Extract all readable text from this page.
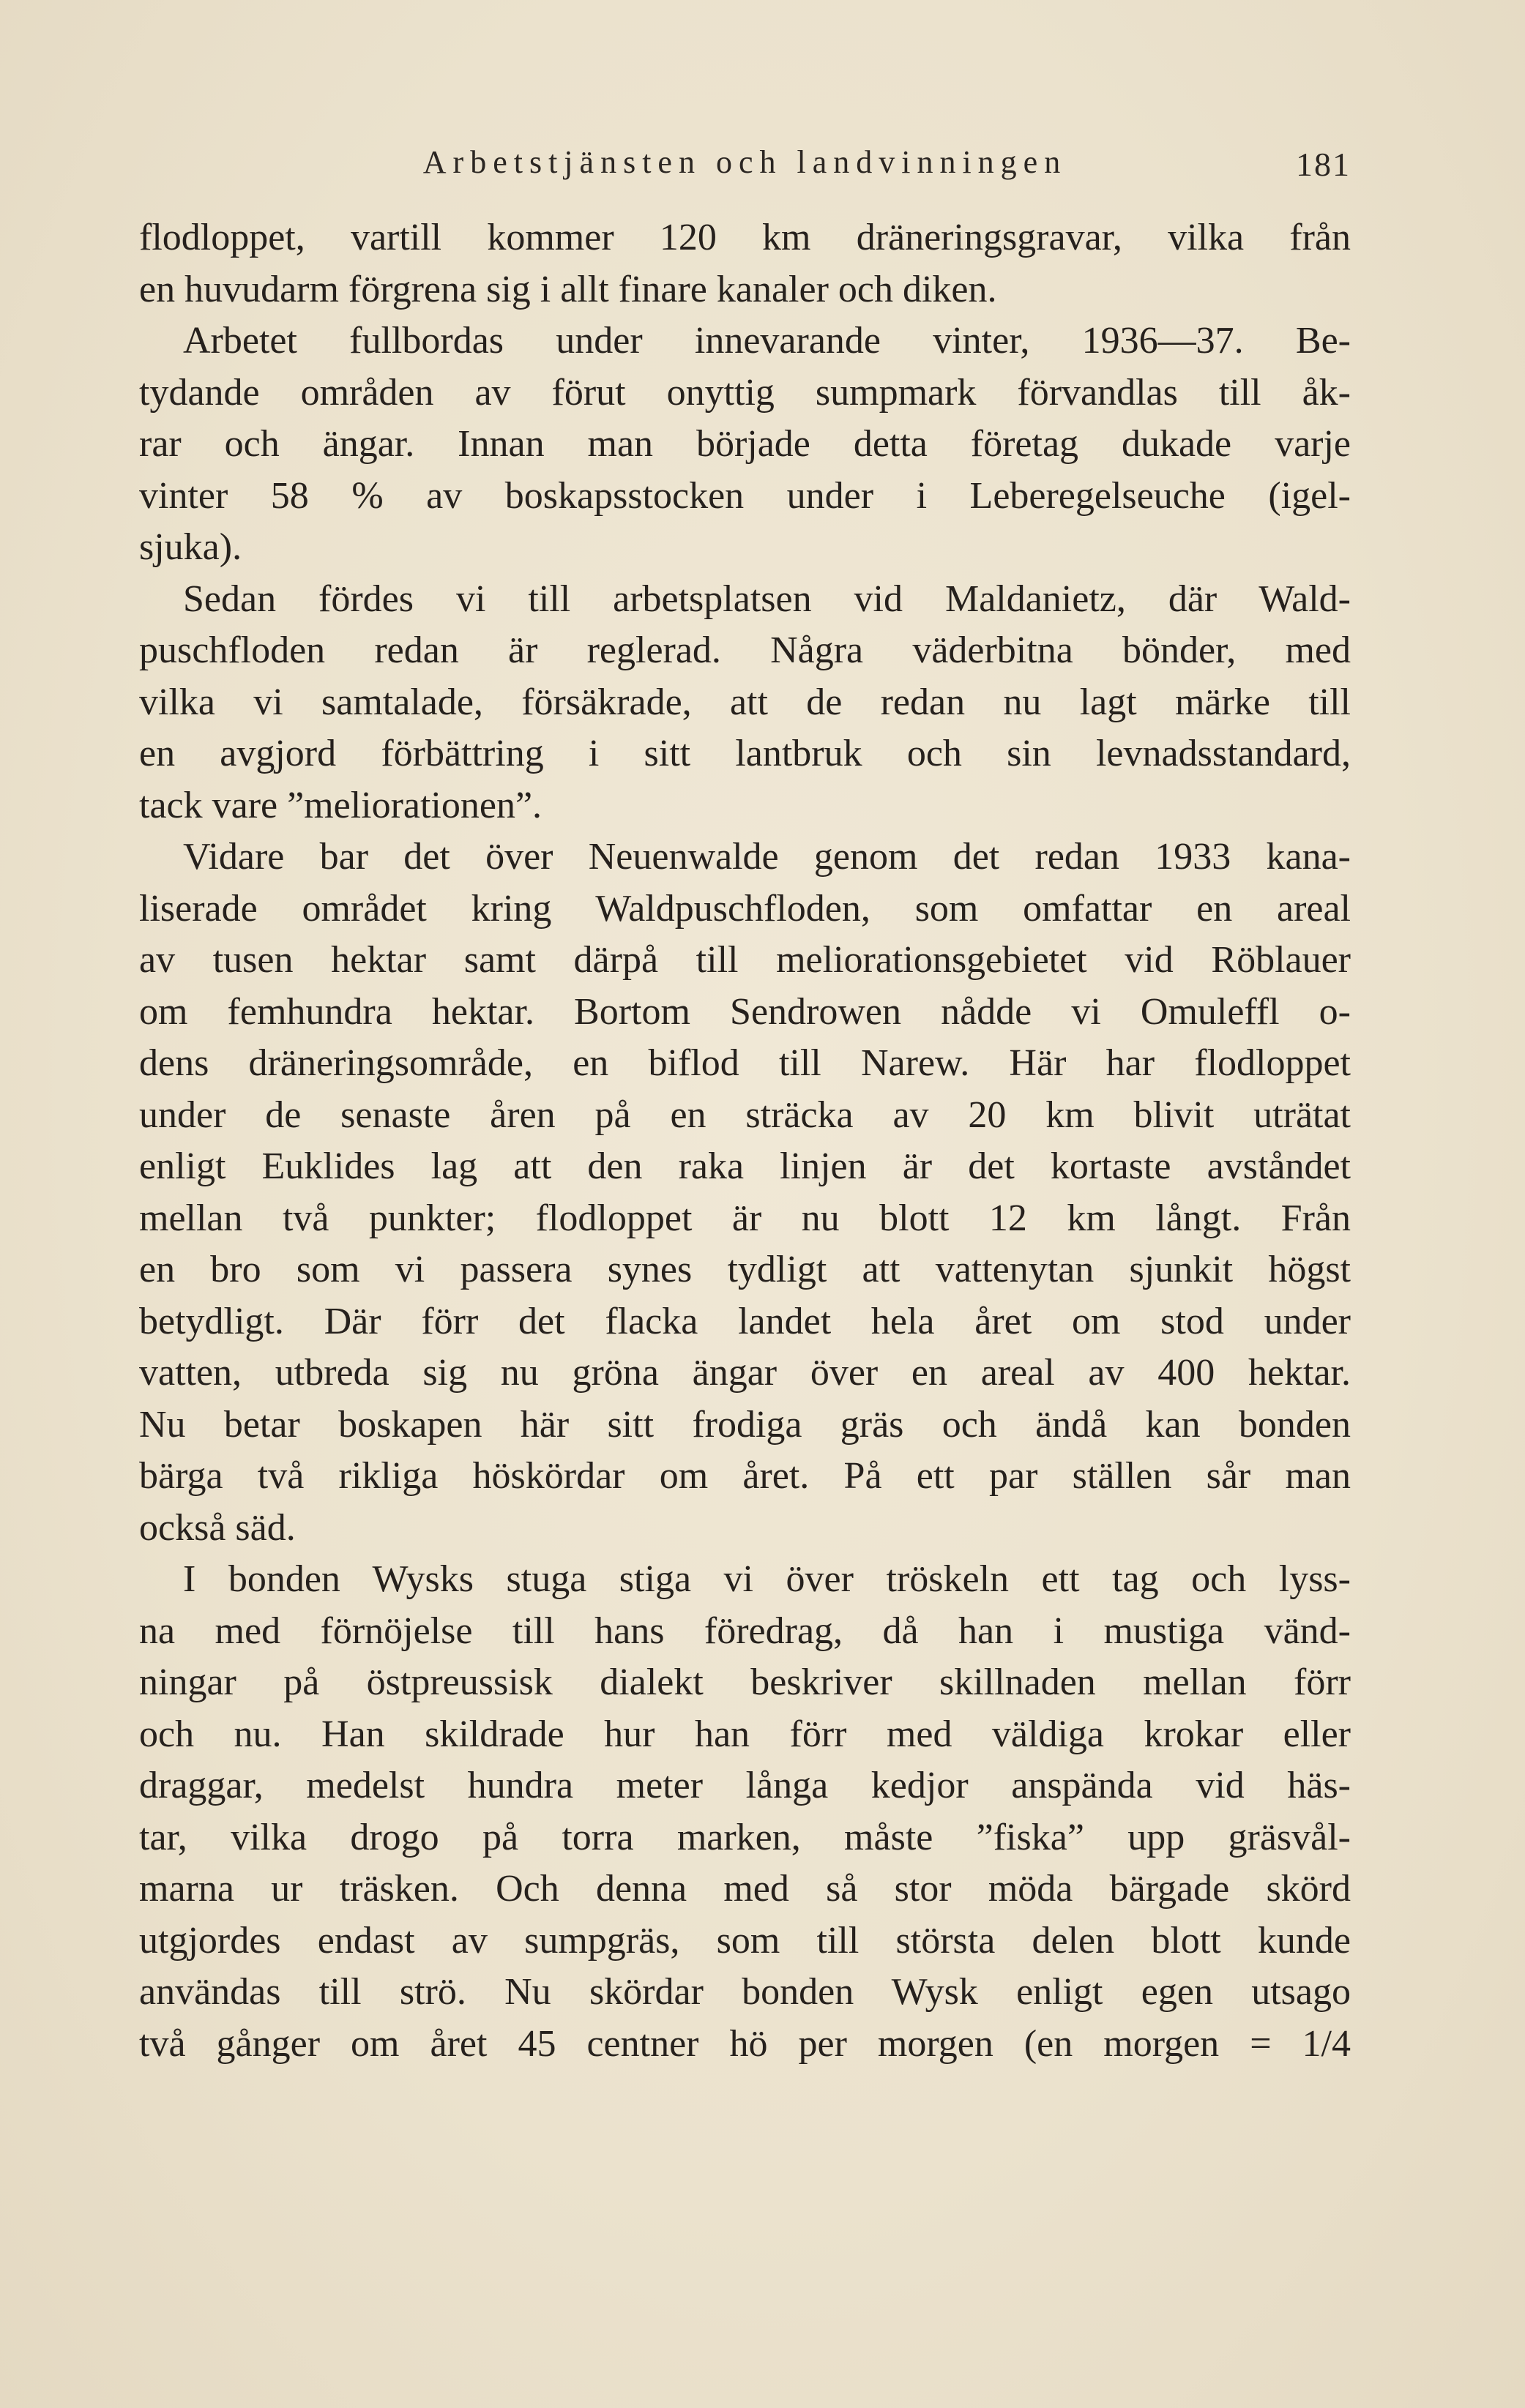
Arbetstjänsten och landvinningen	181
flodloppet, vartill kommer 120 km dräneringsgravar, vilka från
en huvudarm förgrena sig i allt finare kanaler och diken.
Arbetet fullbordas under innevarande vinter, 1936—37. Be-
tydande områden av förut onyttig sumpmark förvandlas till åk-
rar och ängar. Innan man började detta företag dukade varje
vinter 58 % av boskapsstocken under i Leberegelseuche (igel-
sjuka).
Sedan fördes vi till arbetsplatsen vid Maldanietz, där Wald-
puschfloden redan är reglerad. Några väderbitna bönder, med
vilka vi samtalade, försäkrade, att de redan nu lagt märke till
en avgjord förbättring i sitt lantbruk och sin levnadsstandard,
tack vare ”meliorationen”.
Vidare bar det över Neuenwalde genom det redan 1933 kana-
liserade området kring Waldpuschfloden, som omfattar en areal
av tusen hektar samt därpå till meliorationsgebietet vid Röblauer
om femhundra hektar. Bortom Sendrowen nådde vi Omuleffl o-
dens dräneringsområde, en biflod till Narew. Här har flodloppet
under de senaste åren på en sträcka av 20 km blivit uträtat
enligt Euklides lag att den raka linjen är det kortaste avståndet
mellan två punkter; flodloppet är nu blott 12 km långt. Från
en bro som vi passera synes tydligt att vattenytan sjunkit högst
betydligt. Där förr det flacka landet hela året om stod under
vatten, utbreda sig nu gröna ängar över en areal av 400 hektar.
Nu betar boskapen här sitt frodiga gräs och ändå kan bonden
bärga två rikliga höskördar om året. På ett par ställen sår man
också säd.
I bonden Wysks stuga stiga vi över tröskeln ett tag och lyss-
na med förnöjelse till hans föredrag, då han i mustiga vänd-
ningar på östpreussisk dialekt beskriver skillnaden mellan förr
och nu. Han skildrade hur han förr med väldiga krokar eller
draggar, medelst hundra meter långa kedjor anspända vid häs-
tar, vilka drogo på torra marken, måste ”fiska” upp gräsvål-
marna ur träsken. Och denna med så stor möda bärgade skörd
utgjordes endast av sumpgräs, som till största delen blott kunde
användas till strö. Nu skördar bonden Wysk enligt egen utsago
två gånger om året 45 centner hö per morgen (en morgen = 1/4
